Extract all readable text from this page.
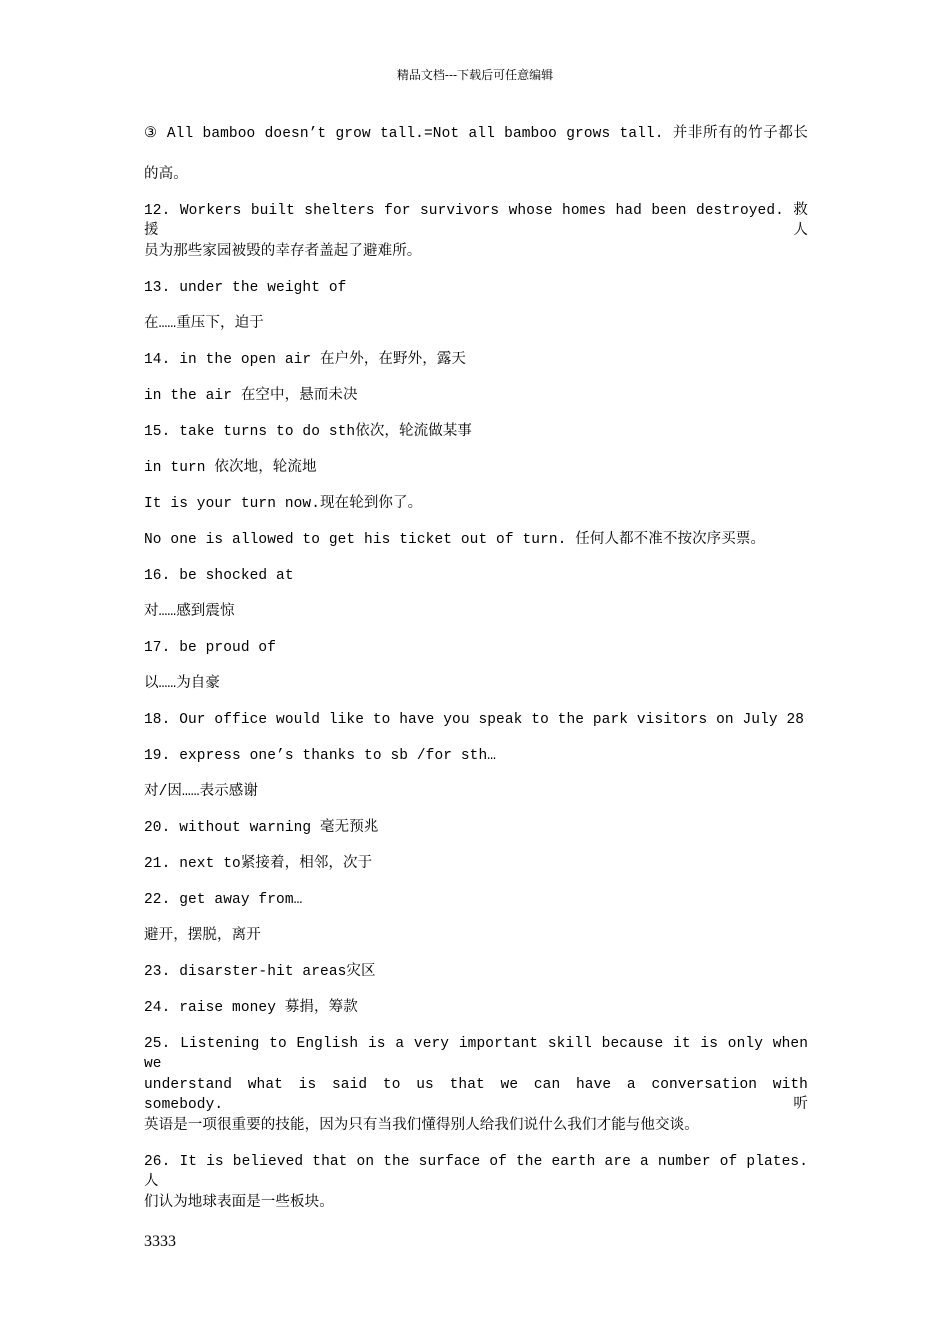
精品文档---下载后可任意编辑
③ All bamboo doesn’t grow tall.=Not all bamboo grows tall. 并非所有的竹子都长
的高。
12. Workers built shelters for survivors whose homes had been destroyed. 救援人
员为那些家园被毁的幸存者盖起了避难所。
13. under the weight of
在……重压下，迫于
14. in the open air 在户外，在野外，露天
in the air 在空中，悬而未决
15. take turns to do sth依次，轮流做某事
in turn 依次地，轮流地
It is your turn now.现在轮到你了。
No one is allowed to get his ticket out of turn. 任何人都不准不按次序买票。
16. be shocked at
对……感到震惊
17. be proud of
以……为自豪
18. Our office would like to have you speak to the park visitors on July 28
19. express one’s thanks to sb /for sth…
对/因……表示感谢
20. without warning 毫无预兆
21. next to紧接着，相邻，次于
22. get away from…
避开，摆脱，离开
23. disarster-hit areas灾区
24. raise money 募捐，筹款
25. Listening to English is a very important skill because it is only when we
understand what is said to us that we can have a conversation with somebody. 听
英语是一项很重要的技能，因为只有当我们懂得别人给我们说什么我们才能与他交谈。
26. It is believed that on the surface of the earth are a number of plates. 人
们认为地球表面是一些板块。
3333
